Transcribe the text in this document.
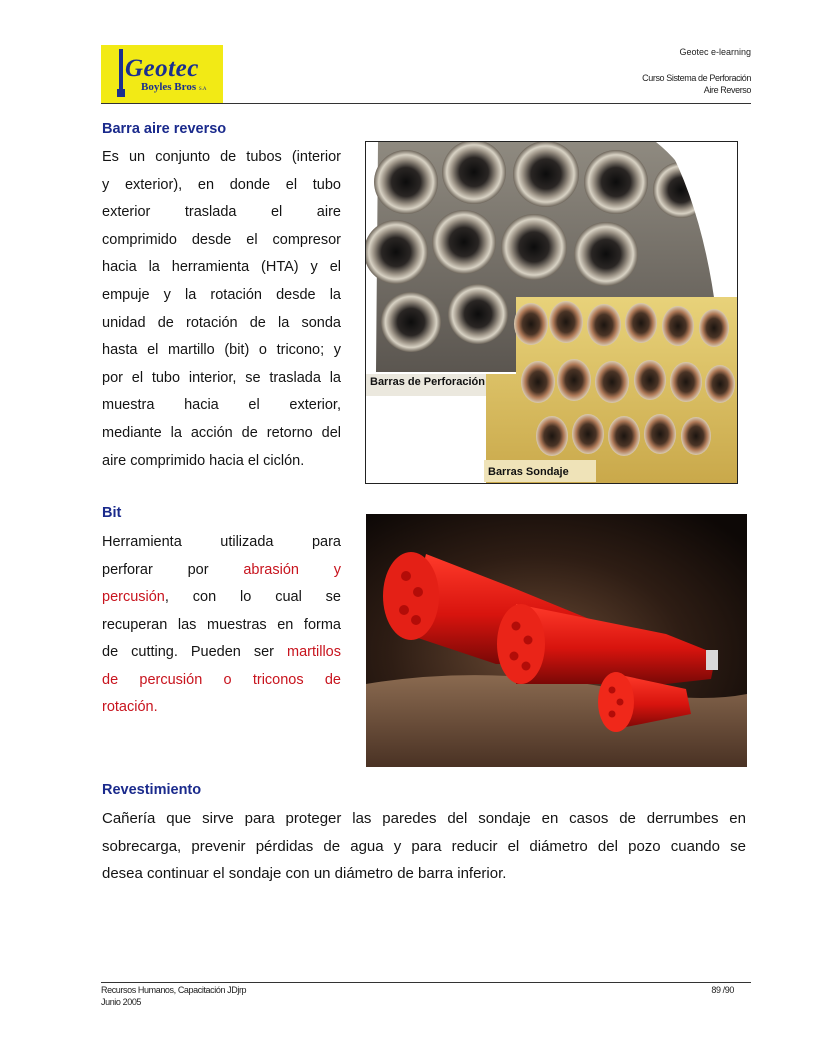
Geotec
Boyles Bros S.A
Geotec e-learning
Curso Sistema de Perforación
Aire Reverso
Barra aire reverso
Es un conjunto de tubos (interior
y exterior), en donde el tubo
exterior traslada el aire
comprimido desde el compresor
hacia la herramienta (HTA) y el
empuje y la rotación desde la
unidad de rotación de la sonda
hasta el martillo (bit) o tricono; y
por el tubo interior, se traslada la
muestra hacia el exterior,
mediante la acción de retorno del
aire comprimido hacia el ciclón.
Barras de Perforación
Barras Sondaje
Bit
Herramienta utilizada para
perforar por abrasión y
percusión, con lo cual se
recuperan las muestras en forma
de cutting. Pueden ser martillos
de percusión o triconos de
rotación.
Revestimiento
Cañería que sirve para proteger las paredes del sondaje en casos de derrumbes en
sobrecarga, prevenir pérdidas de agua y para reducir el diámetro del pozo cuando se
desea continuar el sondaje con un diámetro de barra inferior.
Recursos Humanos, Capacitación JDjrp
Junio 2005
89 /90
